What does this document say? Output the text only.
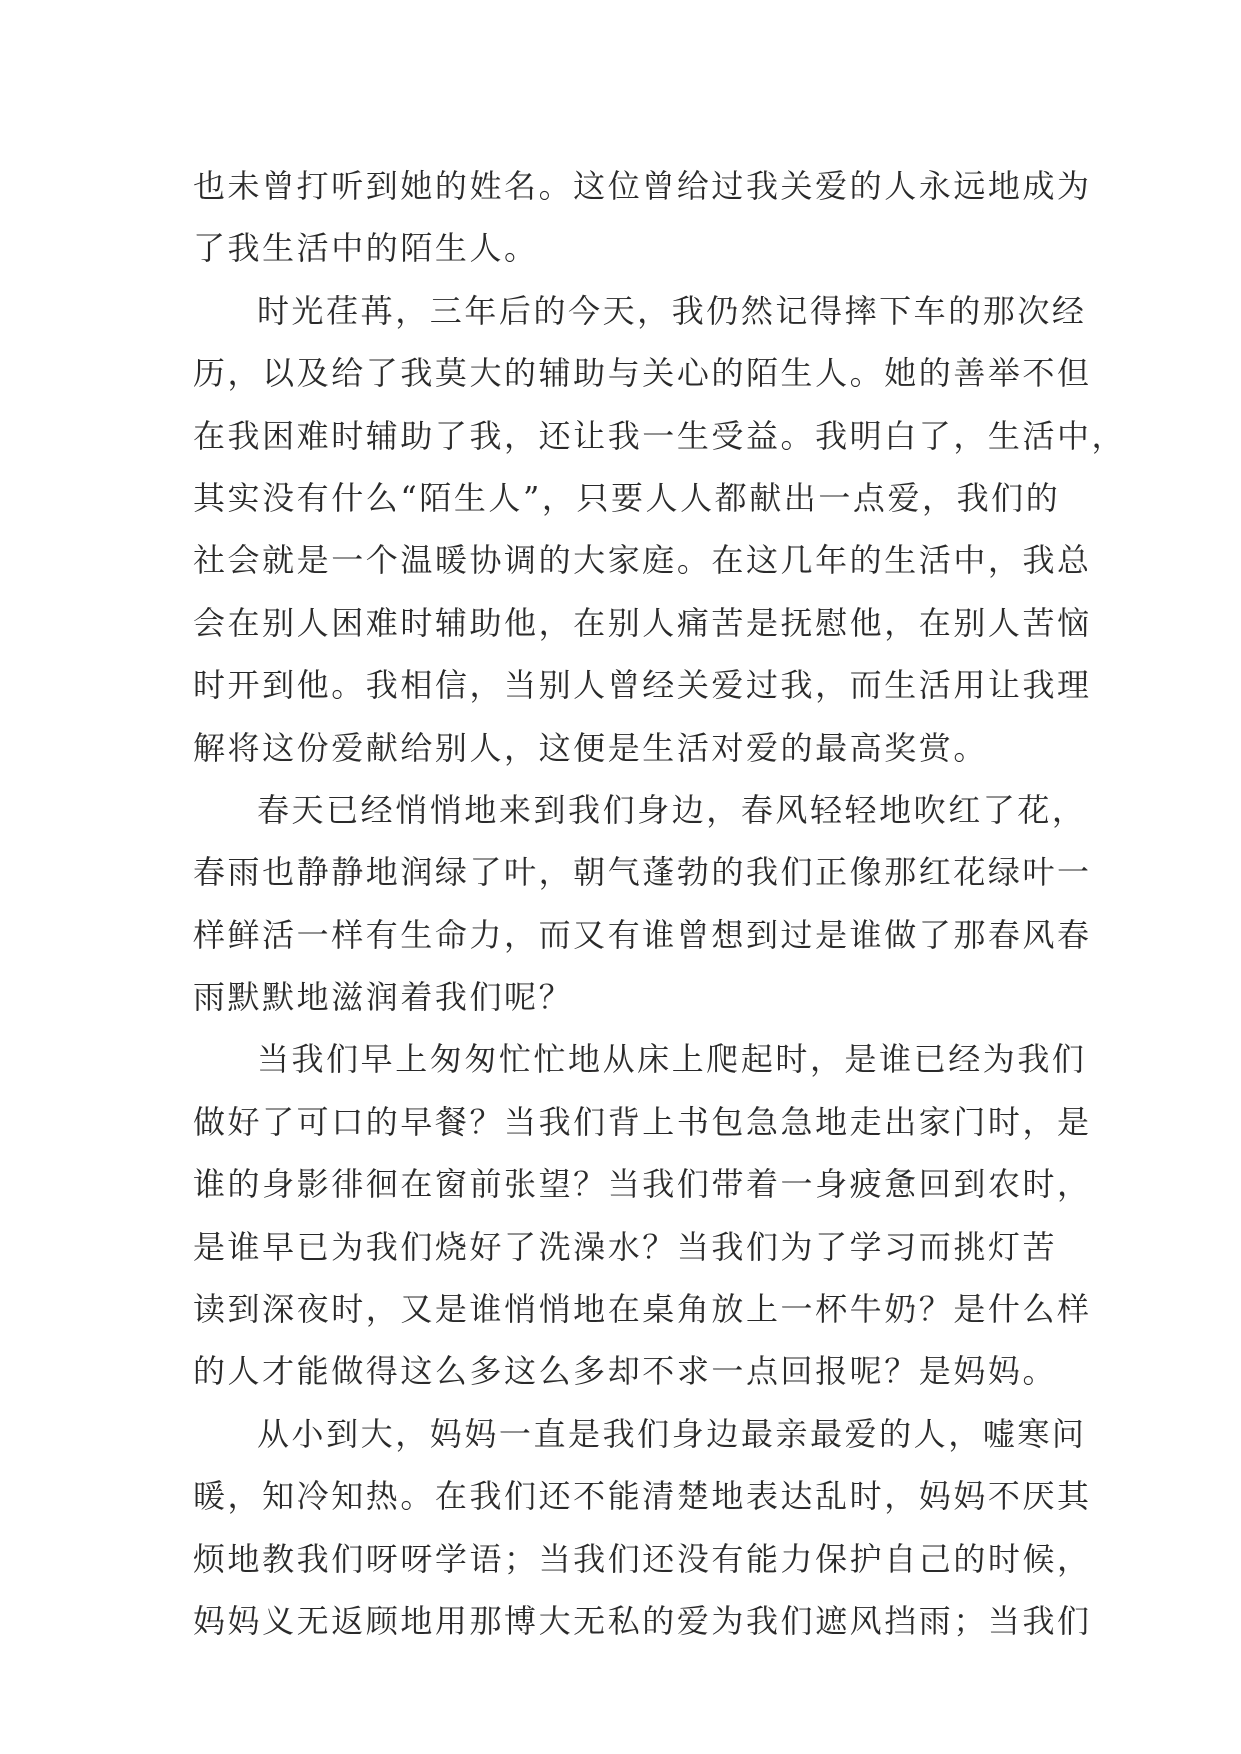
也未曾打听到她的姓名。这位曾给过我关爱的人永远地成为
了我生活中的陌生人。
时光荏苒，三年后的今天，我仍然记得摔下车的那次经
历，以及给了我莫大的辅助与关心的陌生人。她的善举不但
在我困难时辅助了我，还让我一生受益。我明白了，生活中，
其实没有什么“陌生人”，只要人人都献出一点爱，我们的
社会就是一个温暖协调的大家庭。在这几年的生活中，我总
会在别人困难时辅助他，在别人痛苦是抚慰他，在别人苦恼
时开到他。我相信，当别人曾经关爱过我，而生活用让我理
解将这份爱献给别人，这便是生活对爱的最高奖赏。
春天已经悄悄地来到我们身边，春风轻轻地吹红了花，
春雨也静静地润绿了叶，朝气蓬勃的我们正像那红花绿叶一
样鲜活一样有生命力，而又有谁曾想到过是谁做了那春风春
雨默默地滋润着我们呢？
当我们早上匆匆忙忙地从床上爬起时，是谁已经为我们
做好了可口的早餐？当我们背上书包急急地走出家门时，是
谁的身影徘徊在窗前张望？当我们带着一身疲惫回到农时，
是谁早已为我们烧好了洗澡水？当我们为了学习而挑灯苦
读到深夜时，又是谁悄悄地在桌角放上一杯牛奶？是什么样
的人才能做得这么多这么多却不求一点回报呢？是妈妈。
从小到大，妈妈一直是我们身边最亲最爱的人，嘘寒问
暖，知冷知热。在我们还不能清楚地表达乱时，妈妈不厌其
烦地教我们呀呀学语；当我们还没有能力保护自己的时候，
妈妈义无返顾地用那博大无私的爱为我们遮风挡雨；当我们
